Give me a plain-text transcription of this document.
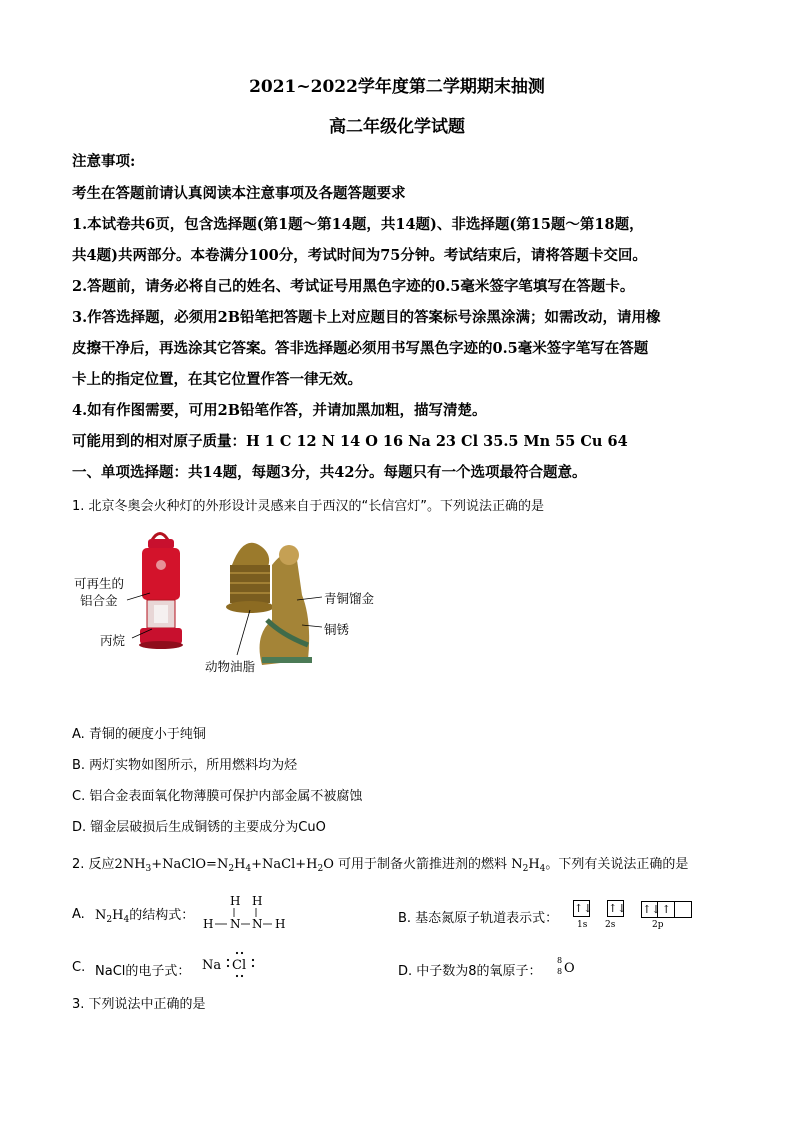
2021~2022学年度第二学期期末抽测
高二年级化学试题
注意事项:
考生在答题前请认真阅读本注意事项及各题答题要求
1.本试卷共6页，包含选择题(第1题～第14题，共14题)、非选择题(第15题～第18题，
共4题)共两部分。本卷满分100分，考试时间为75分钟。考试结束后，请将答题卡交回。
2.答题前，请务必将自己的姓名、考试证号用黑色字迹的0.5毫米签字笔填写在答题卡。
3.作答选择题，必须用2B铅笔把答题卡上对应题目的答案标号涂黑涂满；如需改动，请用橡
皮擦干净后，再选涂其它答案。答非选择题必须用书写黑色字迹的0.5毫米签字笔写在答题
卡上的指定位置，在其它位置作答一律无效。
4.如有作图需要，可用2B铅笔作答，并请加黑加粗，描写清楚。
可能用到的相对原子质量：H 1 C 12 N 14 O 16 Na 23 Cl 35.5 Mn 55 Cu 64
一、单项选择题：共14题，每题3分，共42分。每题只有一个选项最符合题意。
1. 北京冬奥会火种灯的外形设计灵感来自于西汉的“长信宫灯”。下列说法正确的是
可再生的
铝合金
丙烷
动物油脂
青铜馏金
铜锈
A. 青铜的硬度小于纯铜
B. 两灯实物如图所示，所用燃料均为烃
C. 铝合金表面氧化物薄膜可保护内部金属不被腐蚀
D. 镏金层破损后生成铜锈的主要成分为CuO
2. 反应$2NH_3+NaClO=N_2H_4+NaCl+H_2O$ 可用于制备火箭推进剂的燃料 $N_2H_4$。下列有关说法正确的是
A. $N_2H_4$的结构式：
H H
H N N H	B. 基态氮原子轨道表示式：
↑↓ ↑↓ ↑↓ ↑
1s 2s	2p
C. NaCl的电子式： Na Cl	D. 中子数为8的氧原子：
8
8 O
3. 下列说法中正确的是
